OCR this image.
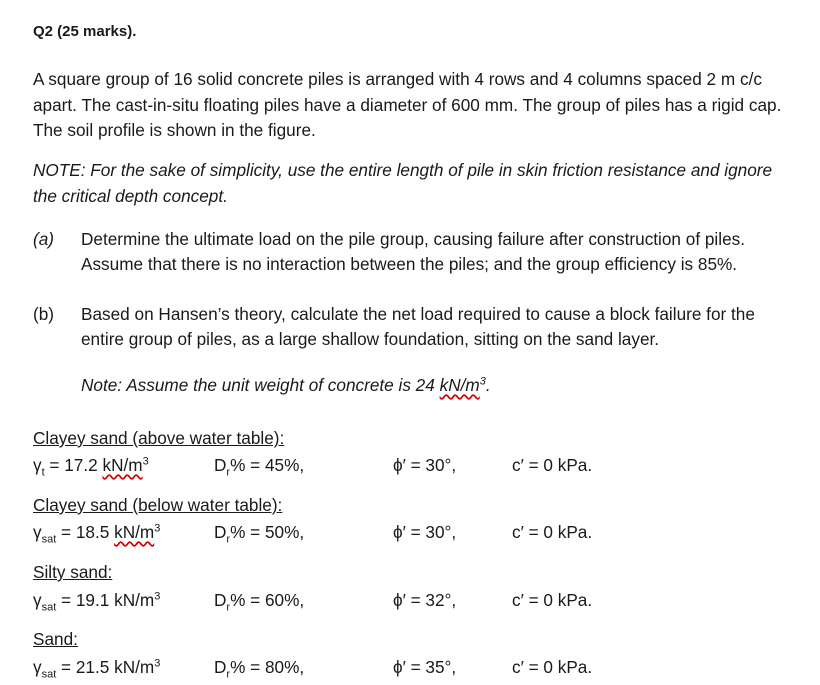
Q2 (25 marks).
A square group of 16 solid concrete piles is arranged with 4 rows and 4 columns spaced 2 m c/c apart. The cast-in-situ floating piles have a diameter of 600 mm. The group of piles has a rigid cap. The soil profile is shown in the figure.
NOTE: For the sake of simplicity, use the entire length of pile in skin friction resistance and ignore the critical depth concept.
(a) Determine the ultimate load on the pile group, causing failure after construction of piles. Assume that there is no interaction between the piles; and the group efficiency is 85%.
(b) Based on Hansen’s theory, calculate the net load required to cause a block failure for the entire group of piles, as a large shallow foundation, sitting on the sand layer.
Note: Assume the unit weight of concrete is 24 $kN/m^3$.
Clayey sand (above water table):
$\gamma_t = 17.2$ $kN/m^3$	$D_r\% = 45\%$,	ϕ′ = 30°,	c′ = 0 kPa.
Clayey sand (below water table):
$\gamma_{sat} = 18.5$ $kN/m^3$	$D_r\% = 50\%$,	ϕ′ = 30°,	c′ = 0 kPa.
Silty sand:
$\gamma_{sat} = 19.1$ $kN/m^3$	$D_r\% = 60\%$,	ϕ′ = 32°,	c′ = 0 kPa.
Sand:
$\gamma_{sat} = 21.5$ $kN/m^3$	$D_r\% = 80\%$,	ϕ′ = 35°,	c′ = 0 kPa.
